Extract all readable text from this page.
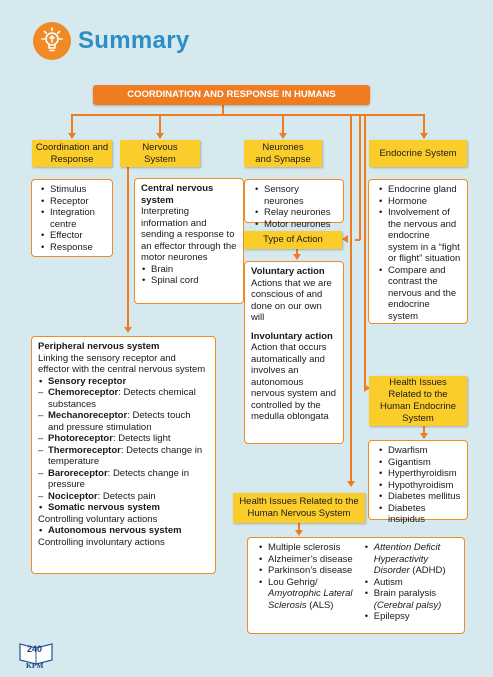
Summary
COORDINATION AND RESPONSE IN HUMANS
Coordination and Response
Nervous System
Neurones and Synapse
Endocrine System
• Stimulus
• Receptor
• Integration centre
• Effector
• Response
Central nervous system
Interpreting information and sending a response to an effector through the motor neurones
• Brain
• Spinal cord
• Sensory neurones
• Relay neurones
• Motor neurones
Type of Action
Voluntary action
Actions that we are conscious of and done on our own will
Involuntary action
Action that occurs automatically and involves an autonomous nervous system and controlled by the medulla oblongata
• Endocrine gland
• Hormone
• Involvement of the nervous and endocrine system in a “fight or flight” situation
• Compare and contrast the nervous and the endocrine system
Peripheral nervous system
Linking the sensory receptor and effector with the central nervous system
• Sensory receptor
– Chemoreceptor: Detects chemical substances
– Mechanoreceptor: Detects touch and pressure stimulation
– Photoreceptor: Detects light
– Thermoreceptor: Detects change in temperature
– Baroreceptor: Detects change in pressure
– Nociceptor: Detects pain
• Somatic nervous system
Controlling voluntary actions
• Autonomous nervous system
Controlling involuntary actions
Health Issues Related to the Human Endocrine System
• Dwarfism
• Gigantism
• Hyperthyroidism
• Hypothyroidism
• Diabetes mellitus
• Diabetes insipidus
Health Issues Related to the Human Nervous System
• Multiple sclerosis
• Alzheimer’s disease
• Parkinson’s disease
• Lou Gehrig/ Amyotrophic Lateral Sclerosis (ALS)
• Attention Deficit Hyperactivity Disorder (ADHD)
• Autism
• Brain paralysis (Cerebral palsy)
• Epilepsy
240
KPM
